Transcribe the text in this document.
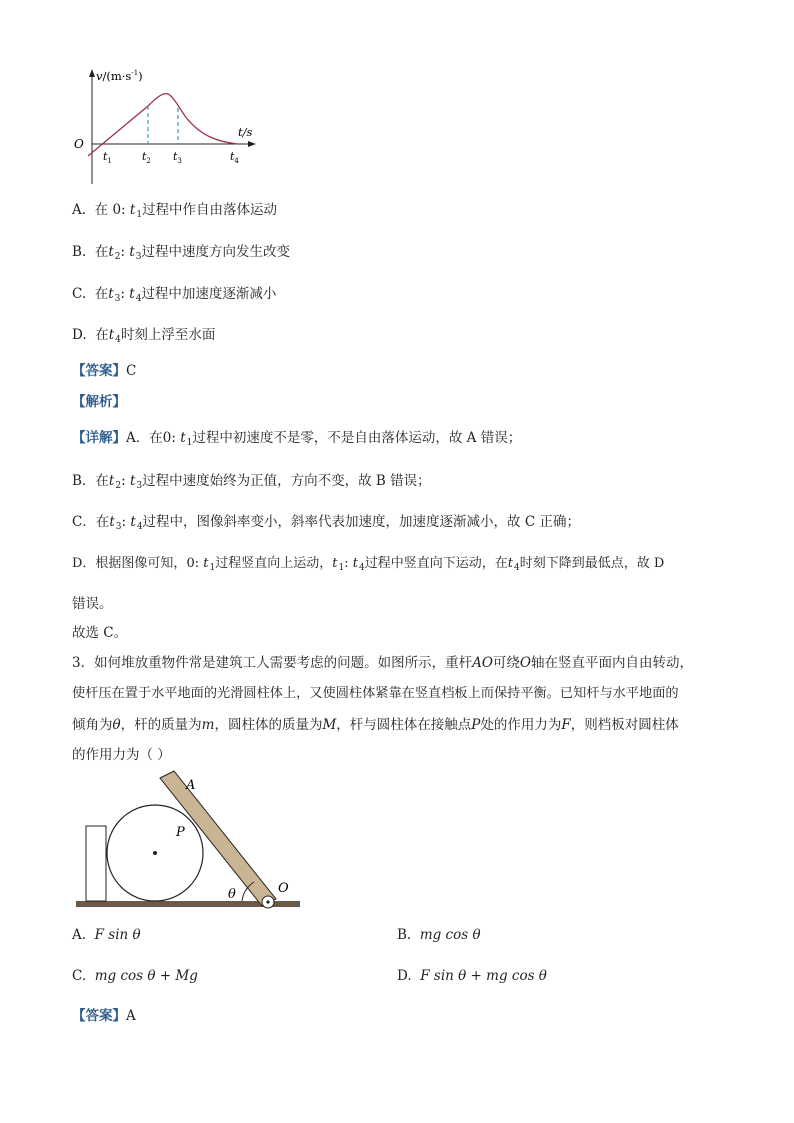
$v/(m\cdot s^{-1})$
t/s
O
$t_1$	$t_2$ $t_3$	$t_4$
A. 在 0: $t_1$过程中作自由落体运动
B. 在$t_2$: $t_3$过程中速度方向发生改变
C. 在$t_3$: $t_4$过程中加速度逐渐减小
D. 在$t_4$时刻上浮至水面
【答案】C
【解析】
【详解】A．在0: $t_1$过程中初速度不是零，不是自由落体运动，故 A 错误；
B．在$t_2$: $t_3$过程中速度始终为正值，方向不变，故 B 错误；
C．在$t_3$: $t_4$过程中，图像斜率变小，斜率代表加速度，加速度逐渐减小，故 C 正确；
D．根据图像可知，0: $t_1$过程竖直向上运动，$t_1$: $t_4$过程中竖直向下运动，在$t_4$时刻下降到最低点，故 D
错误。
故选 C。
3．如何堆放重物件常是建筑工人需要考虑的问题。如图所示，重杆AO可绕O轴在竖直平面内自由转动，
使杆压在置于水平地面的光滑圆柱体上，又使圆柱体紧靠在竖直档板上而保持平衡。已知杆与水平地面的
倾角为θ，杆的质量为m，圆柱体的质量为M，杆与圆柱体在接触点P处的作用力为F，则档板对圆柱体
的作用力为（ ）
A
P
O
θ
A. F sin θ	B. mg cos θ
C. mg cos θ + Mg	D. F sin θ + mg cos θ
【答案】A
